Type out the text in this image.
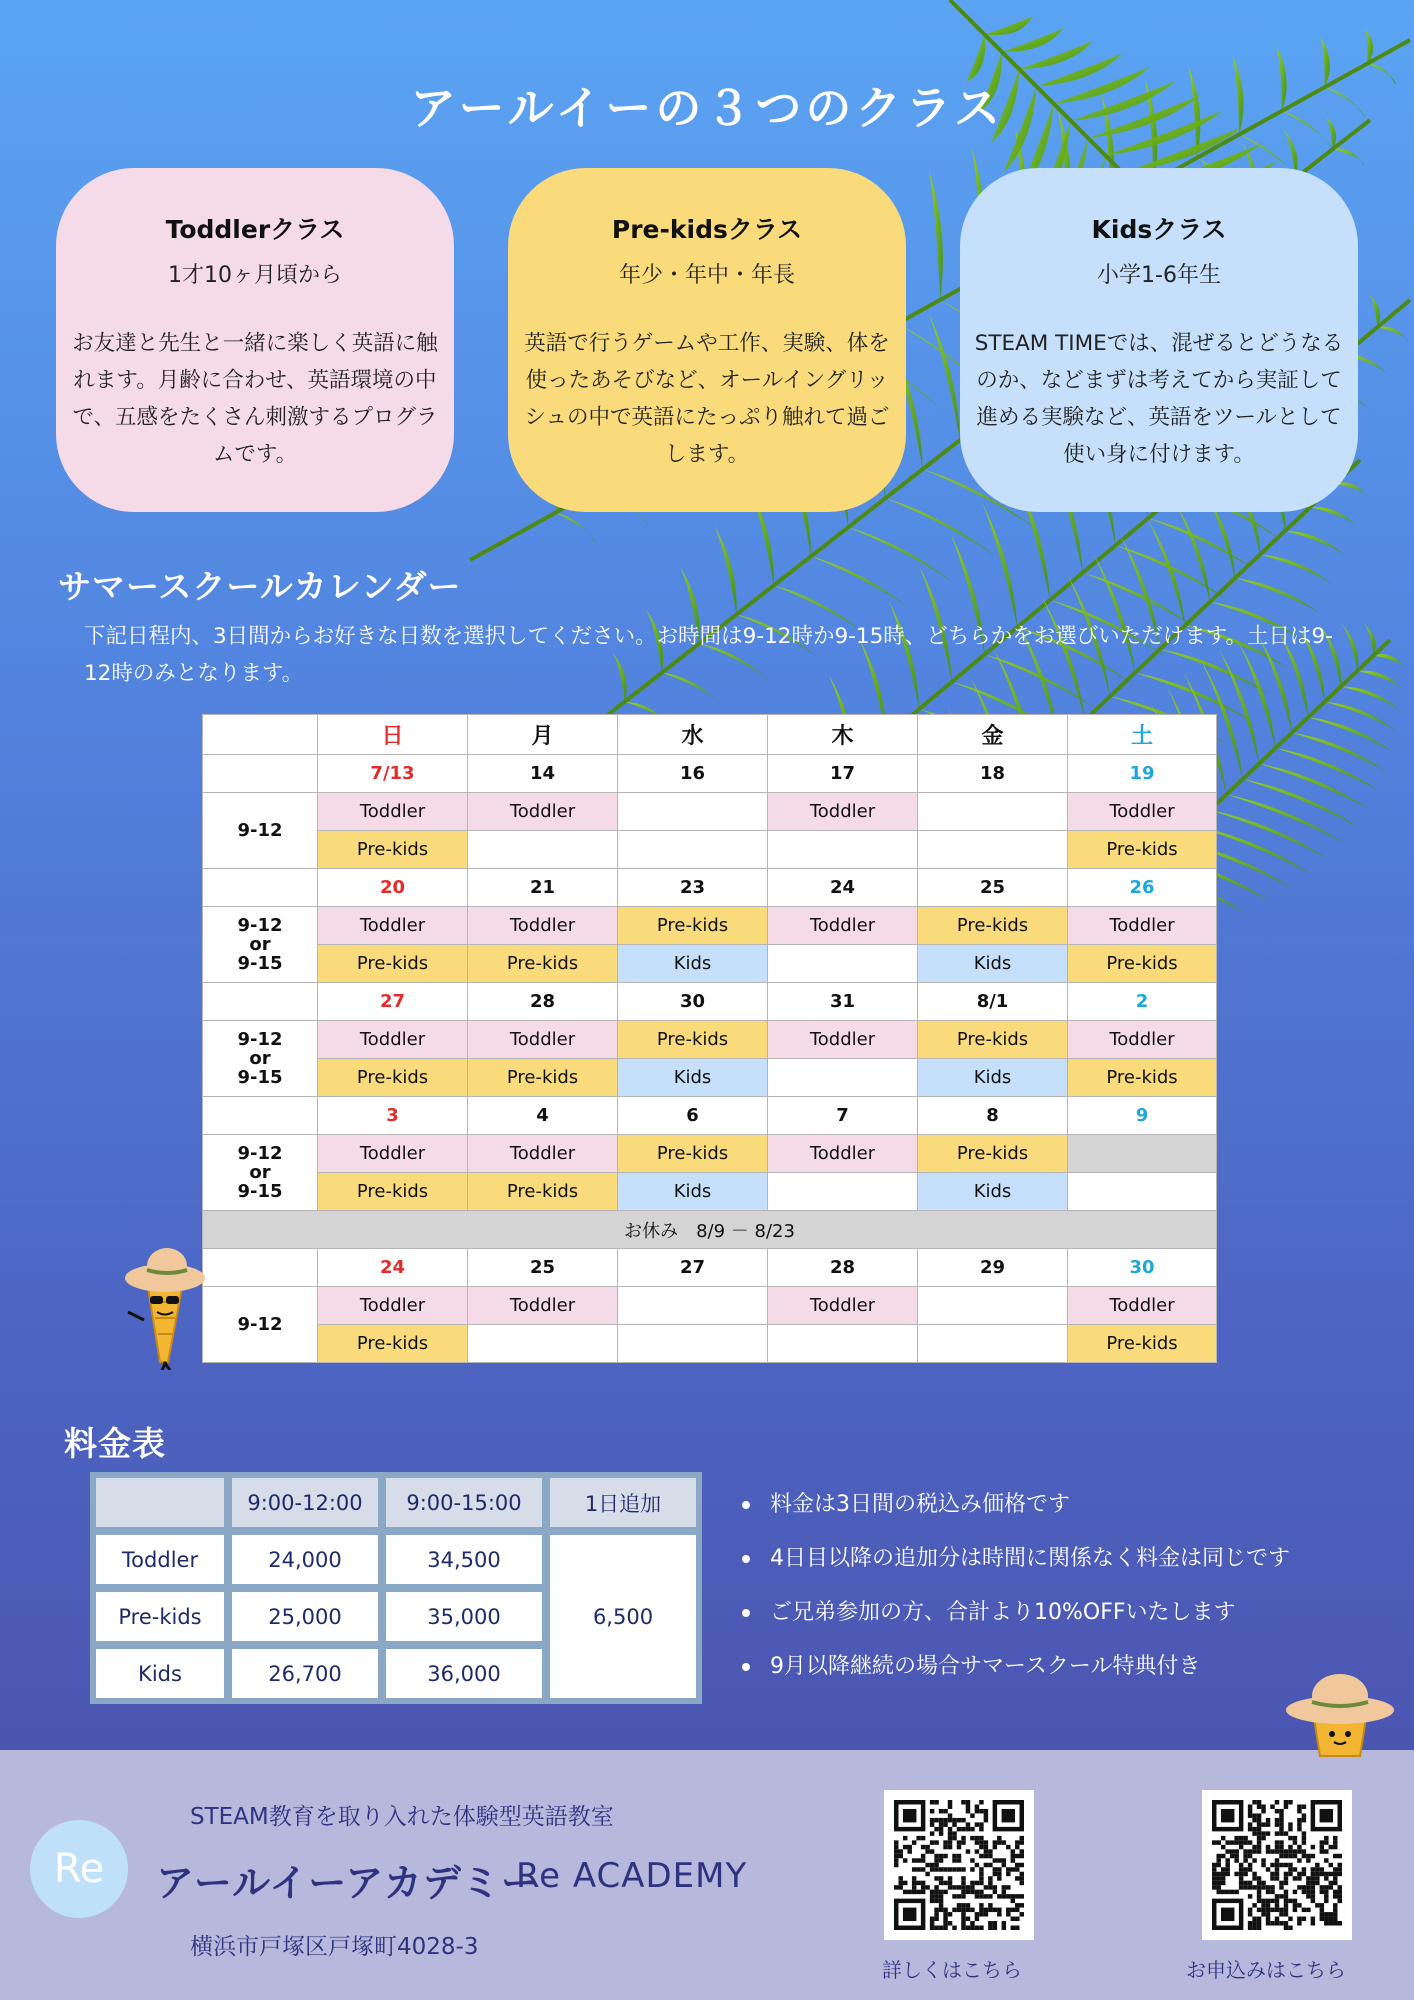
アールイーの３つのクラス
Toddlerクラス
1才10ヶ月頃から
お友達と先生と一緒に楽しく英語に触れます。月齢に合わせ、英語環境の中で、五感をたくさん刺激するプログラムです。
Pre-kidsクラス
年少・年中・年長
英語で行うゲームや工作、実験、体を使ったあそびなど、オールイングリッシュの中で英語にたっぷり触れて過ごします。
Kidsクラス
小学1-6年生
STEAM TIMEでは、混ぜるとどうなるのか、などまずは考えてから実証して進める実験など、英語をツールとして使い身に付けます。
サマースクールカレンダー
下記日程内、3日間からお好きな日数を選択してください。お時間は9-12時か9-15時、どちらかをお選びいただけます。土日は9-12時のみとなります。
	日	月	水	木	金	土
	7/13	14	16	17	18	19
9-12	Toddler	Toddler		Toddler		Toddler
	Pre-kids					Pre-kids
	20	21	23	24	25	26
9-12
or
9-15	Toddler	Toddler	Pre-kids	Toddler	Pre-kids	Toddler
	Pre-kids	Pre-kids	Kids		Kids	Pre-kids
	27	28	30	31	8/1	2
9-12
or
9-15	Toddler	Toddler	Pre-kids	Toddler	Pre-kids	Toddler
	Pre-kids	Pre-kids	Kids		Kids	Pre-kids
	3	4	6	7	8	9
9-12
or
9-15	Toddler	Toddler	Pre-kids	Toddler	Pre-kids	
	Pre-kids	Pre-kids	Kids		Kids	
お休み　8/9 － 8/23						
	24	25	27	28	29	30
9-12	Toddler	Toddler		Toddler		Toddler
	Pre-kids					Pre-kids
料金表
	9:00-12:00	9:00-15:00	1日追加
Toddler	24,000	34,500	6,500
Pre-kids	25,000	35,000	
Kids	26,700	36,000	
料金は3日間の税込み価格です
4日目以降の追加分は時間に関係なく料金は同じです
ご兄弟参加の方、合計より10%OFFいたします
9月以降継続の場合サマースクール特典付き
Re
STEAM教育を取り入れた体験型英語教室
アールイーアカデミー
Re ACADEMY
横浜市戸塚区戸塚町4028-3
詳しくはこちら	お申込みはこちら
